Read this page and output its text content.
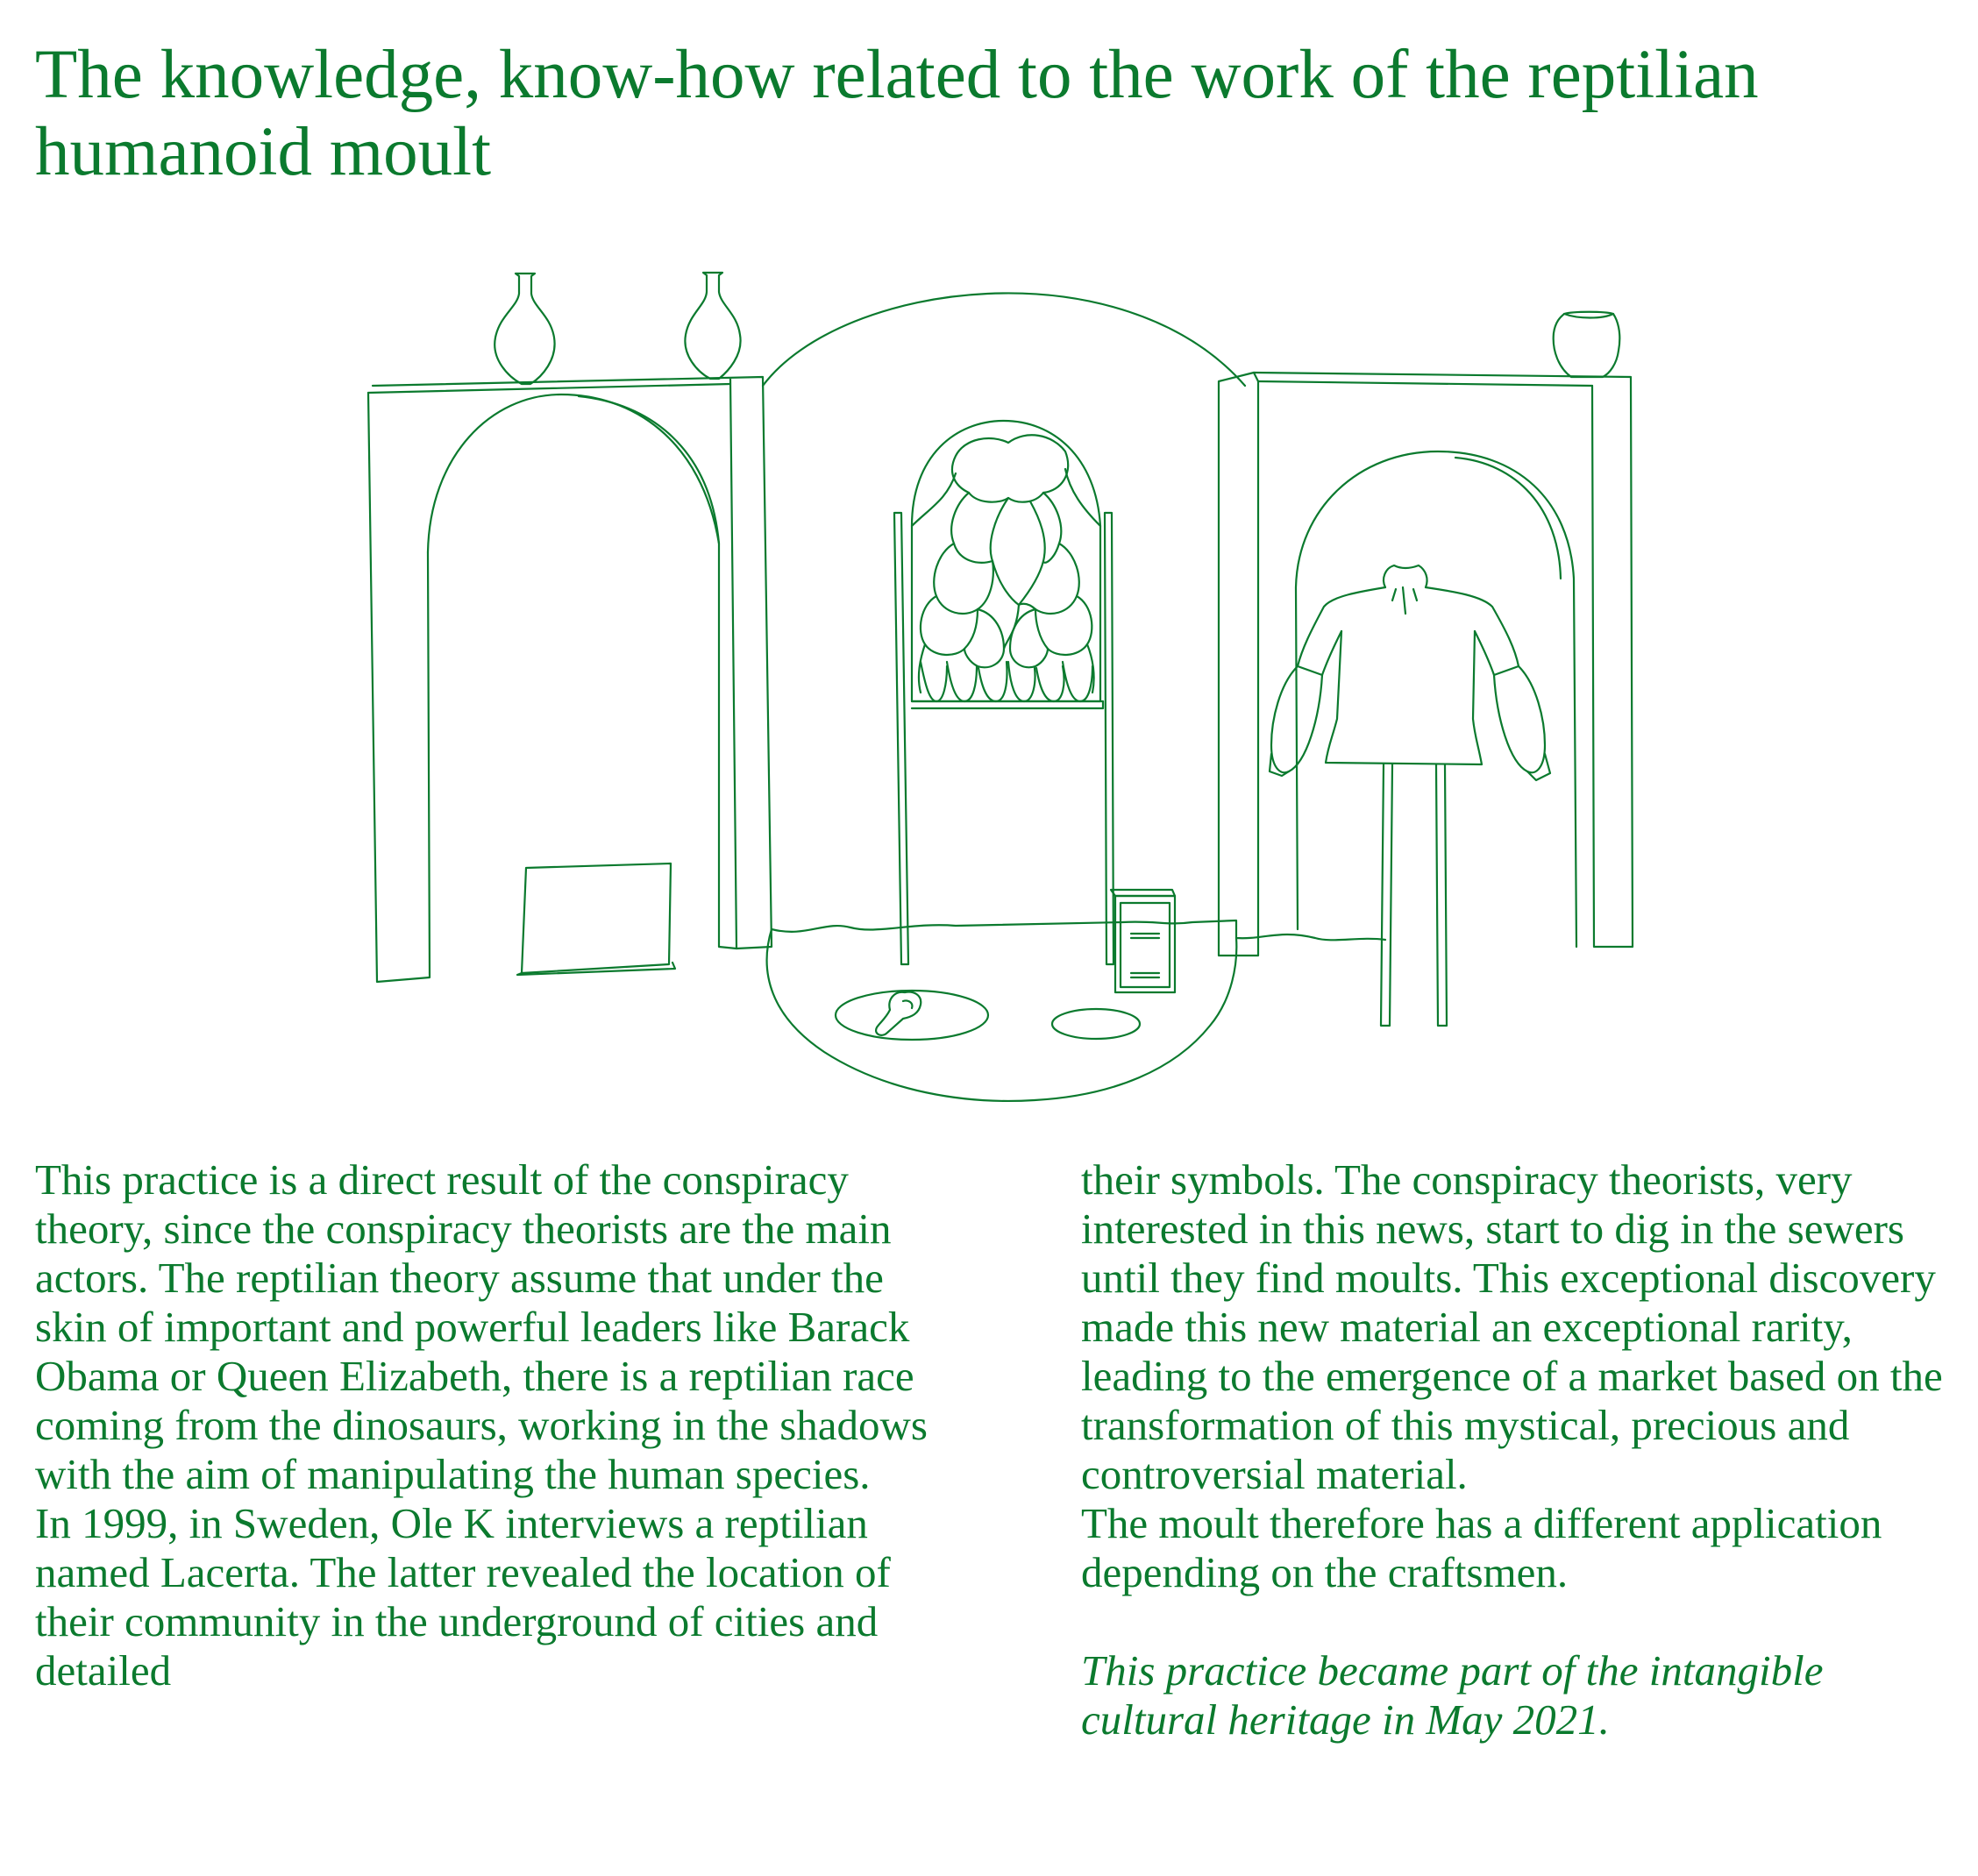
The knowledge, know-how related to the work of the reptilian humanoid moult

This practice is a direct result of the conspiracy theory, since the conspiracy theorists are the main actors. The reptilian theory assume that under the skin of important and powerful leaders like Barack Obama or Queen Elizabeth, there is a reptilian race coming from the dinosaurs, working in the shadows with the aim of manipulating the human species.

In 1999, in Sweden, Ole K interviews a reptilian named Lacerta. The latter revealed the location of their community in the underground of cities and detailed

their symbols. The conspiracy theorists, very interested in this news, start to dig in the sewers until they find moults. This exceptional discovery made this new material an exceptional rarity, leading to the emergence of a market based on the transformation of this mystical, precious and controversial material.

The moult therefore has a different application depending on the craftsmen.

This practice became part of the intangible cultural heritage in May 2021.
